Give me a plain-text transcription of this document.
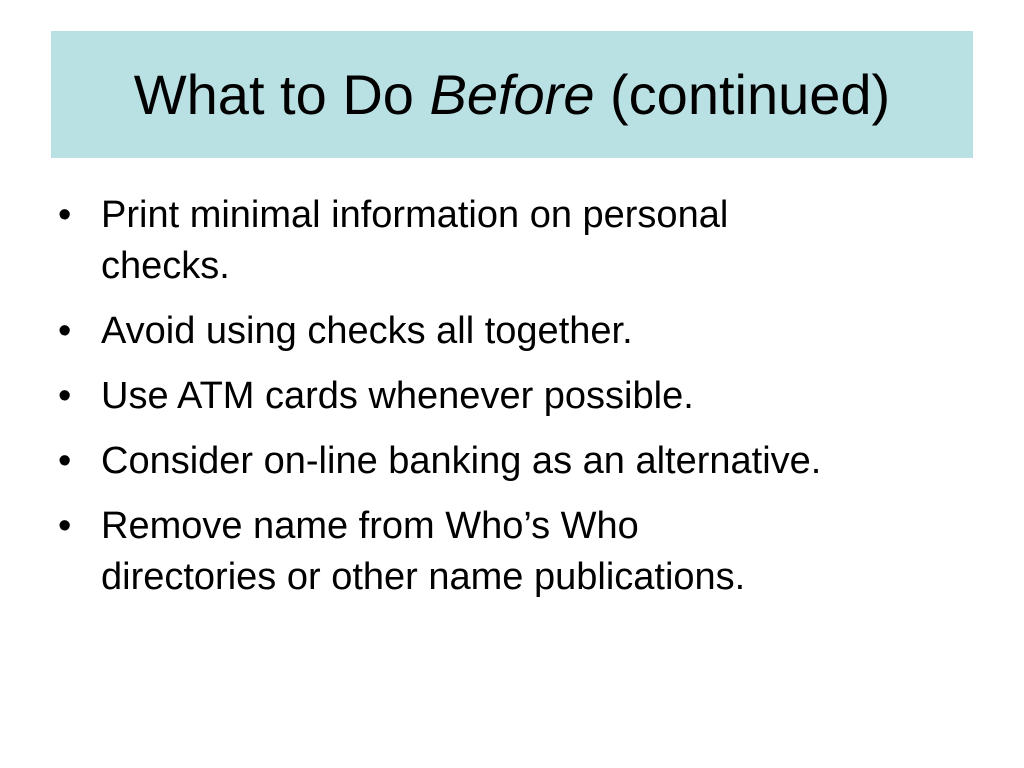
What to Do Before (continued)
• Print minimal information on personal
checks.
• Avoid using checks all together.
• Use ATM cards whenever possible.
• Consider on-line banking as an alternative.
• Remove name from Who’s Who
directories or other name publications.
